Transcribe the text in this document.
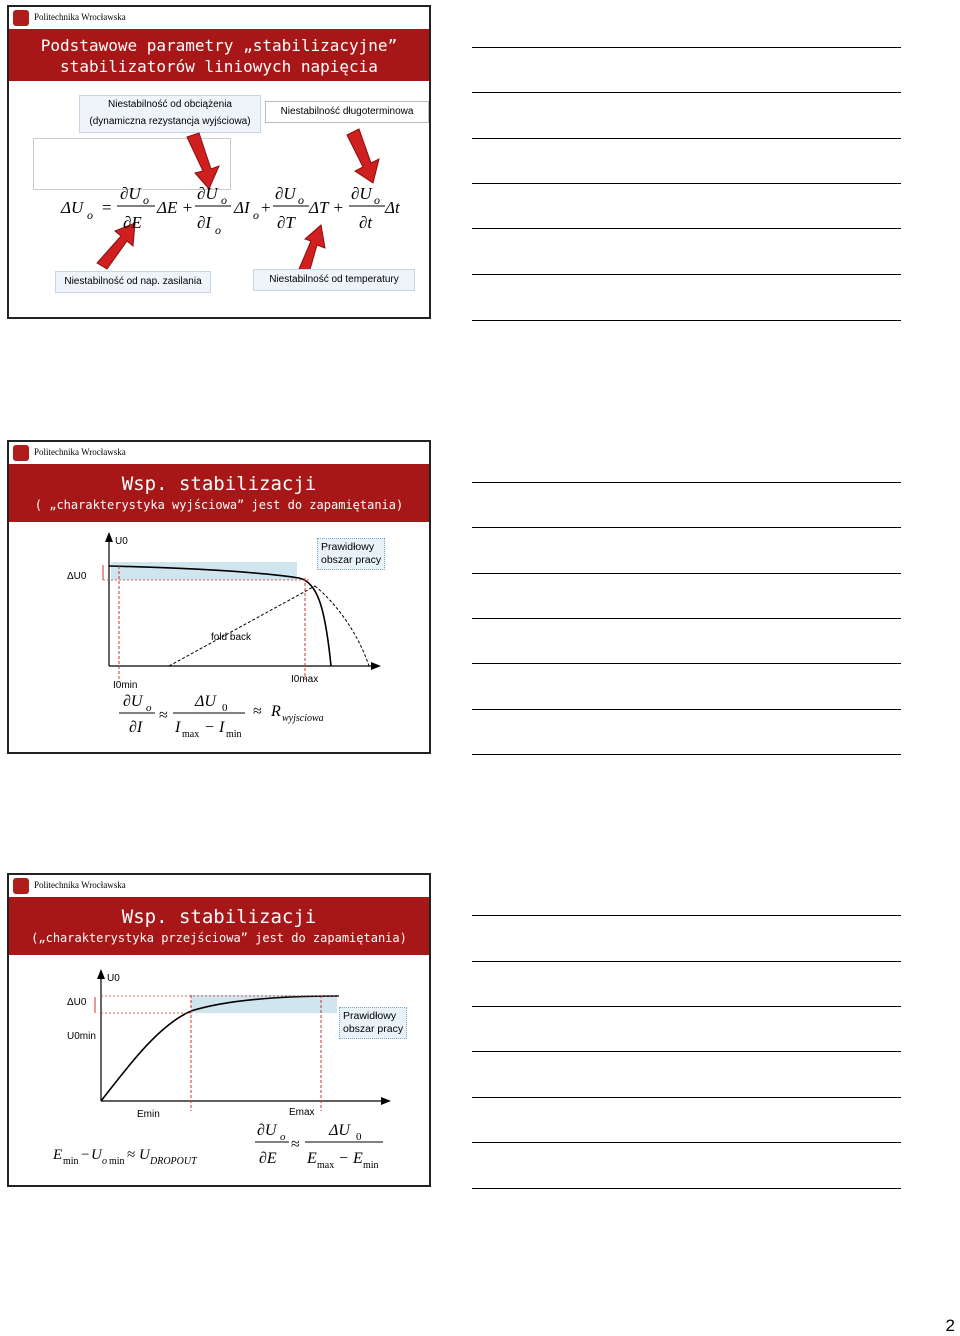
Politechnika Wrocławska
Podstawowe parametry „stabilizacyjne”
stabilizatorów liniowych napięcia
Niestabilność od obciążenia
(dynamiczna rezystancja wyjściowa)
Niestabilność długoterminowa
ΔU o =
∂U o
∂E
ΔE +
∂U o
∂I o
ΔI o +
∂U o
∂T
ΔT +
∂U o
∂t
Δt
Niestabilność od nap. zasilania	Niestabilność od temperatury
Politechnika Wrocławska
Wsp. stabilizacji
( „charakterystyka wyjściowa” jest do zapamiętania)
U0
ΔU0
fold back
I0min
I0max
Prawidłowy
obszar pracy
∂U o
∂I
≈
ΔU 0
I max − I min
≈ R wyjsciowa
Politechnika Wrocławska
Wsp. stabilizacji
(„charakterystyka przejściowa” jest do zapamiętania)
U0
ΔU0
U0min
Emin	Emax
Prawidłowy
obszar pracy
E min − U o min ≈ U DROPOUT
∂U o
∂E
≈
ΔU 0
E max − E min
2
